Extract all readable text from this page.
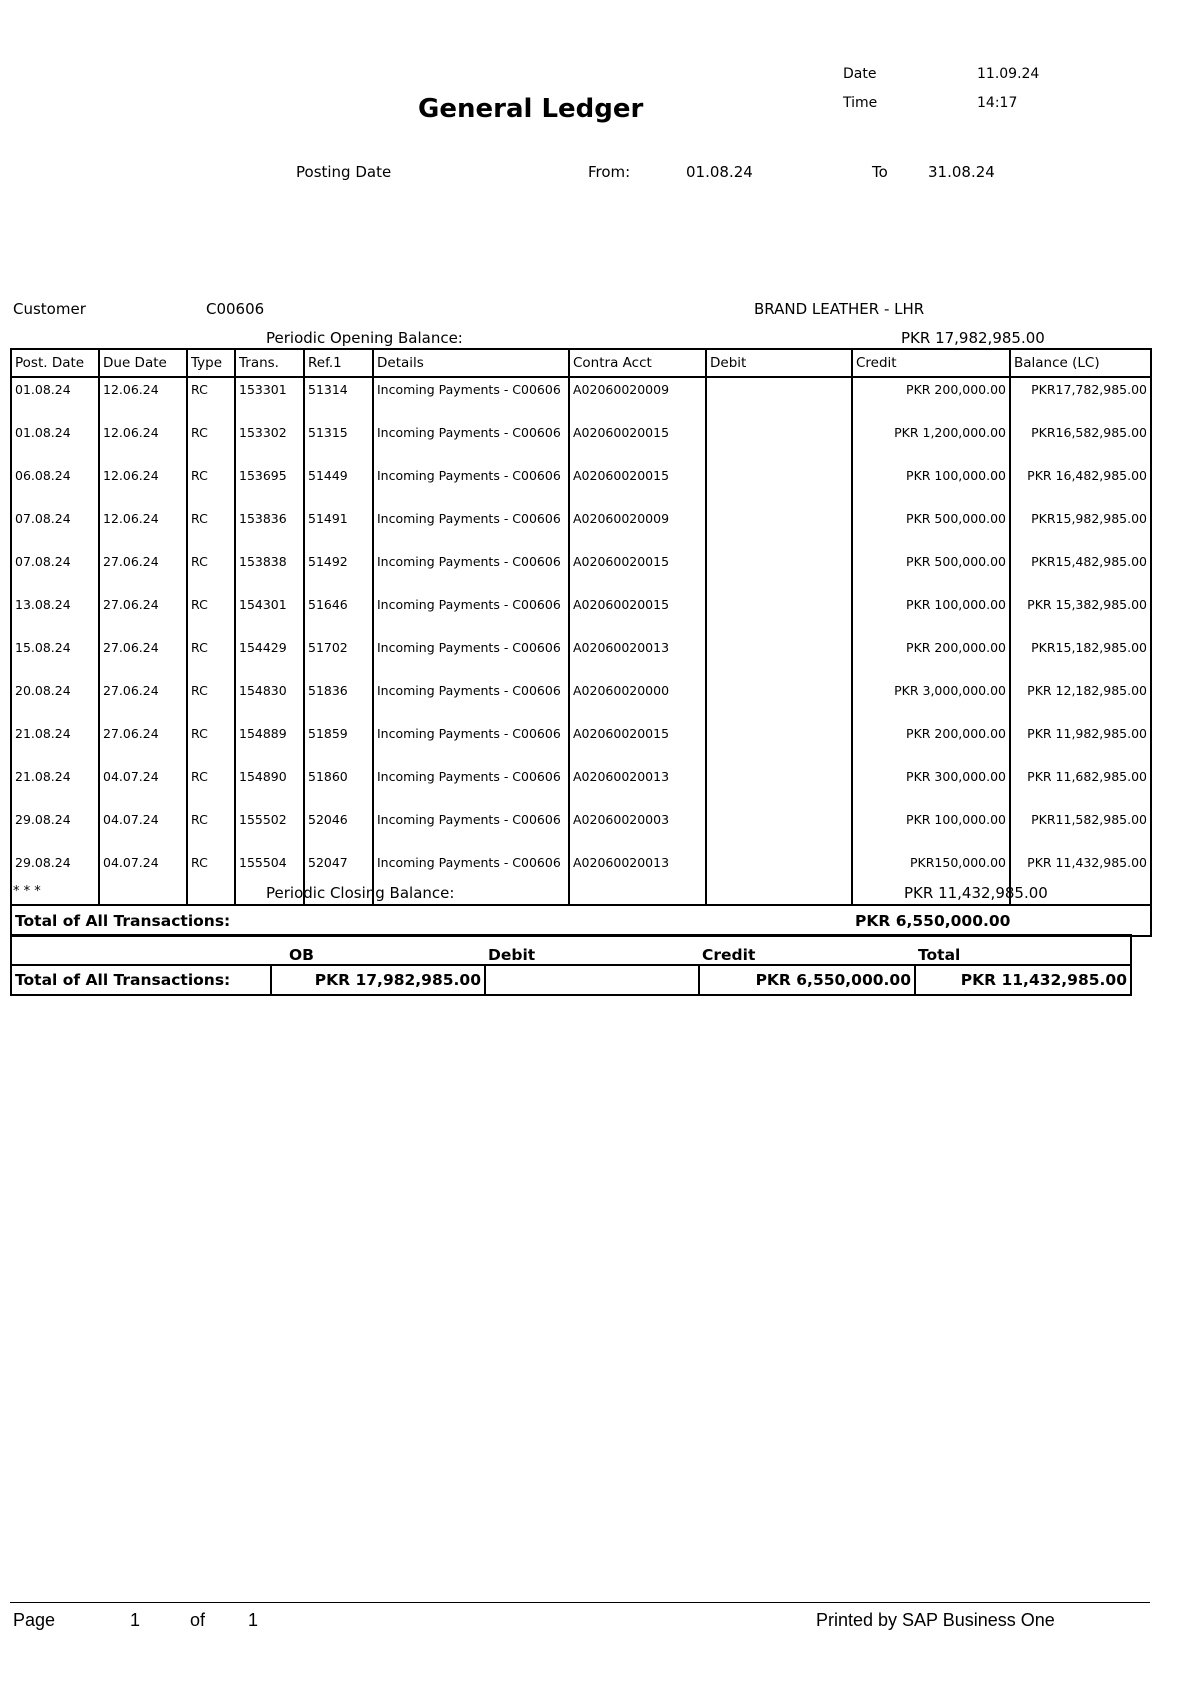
Date	11.09.24
General Ledger	Time	14:17
Posting Date	From:	01.08.24	To	31.08.24
Customer	C00606	BRAND LEATHER - LHR
Periodic Opening Balance:	PKR 17,982,985.00
Post. Date	Due Date	Type	Trans.	Ref.1	Details	Contra Acct	Debit	Credit	Balance (LC)
01.08.24	12.06.24	RC	153301	51314	Incoming Payments - C00606	A02060020009		PKR 200,000.00	PKR17,782,985.00
01.08.24	12.06.24	RC	153302	51315	Incoming Payments - C00606	A02060020015		PKR 1,200,000.00	PKR16,582,985.00
06.08.24	12.06.24	RC	153695	51449	Incoming Payments - C00606	A02060020015		PKR 100,000.00	PKR 16,482,985.00
07.08.24	12.06.24	RC	153836	51491	Incoming Payments - C00606	A02060020009		PKR 500,000.00	PKR15,982,985.00
07.08.24	27.06.24	RC	153838	51492	Incoming Payments - C00606	A02060020015		PKR 500,000.00	PKR15,482,985.00
13.08.24	27.06.24	RC	154301	51646	Incoming Payments - C00606	A02060020015		PKR 100,000.00	PKR 15,382,985.00
15.08.24	27.06.24	RC	154429	51702	Incoming Payments - C00606	A02060020013		PKR 200,000.00	PKR15,182,985.00
20.08.24	27.06.24	RC	154830	51836	Incoming Payments - C00606	A02060020000		PKR 3,000,000.00	PKR 12,182,985.00
21.08.24	27.06.24	RC	154889	51859	Incoming Payments - C00606	A02060020015		PKR 200,000.00	PKR 11,982,985.00
21.08.24	04.07.24	RC	154890	51860	Incoming Payments - C00606	A02060020013		PKR 300,000.00	PKR 11,682,985.00
29.08.24	04.07.24	RC	155502	52046	Incoming Payments - C00606	A02060020003		PKR 100,000.00	PKR11,582,985.00
29.08.24	04.07.24	RC	155504	52047	Incoming Payments - C00606	A02060020013		PKR150,000.00	PKR 11,432,985.00

Total of All Transactions:								PKR 6,550,000.00	
* * *	Periodic Closing Balance:	PKR 11,432,985.00
	OB	Debit	Credit	Total
Total of All Transactions:	PKR 17,982,985.00		PKR 6,550,000.00	PKR 11,432,985.00
Page	1	of 1	Printed by SAP Business One
